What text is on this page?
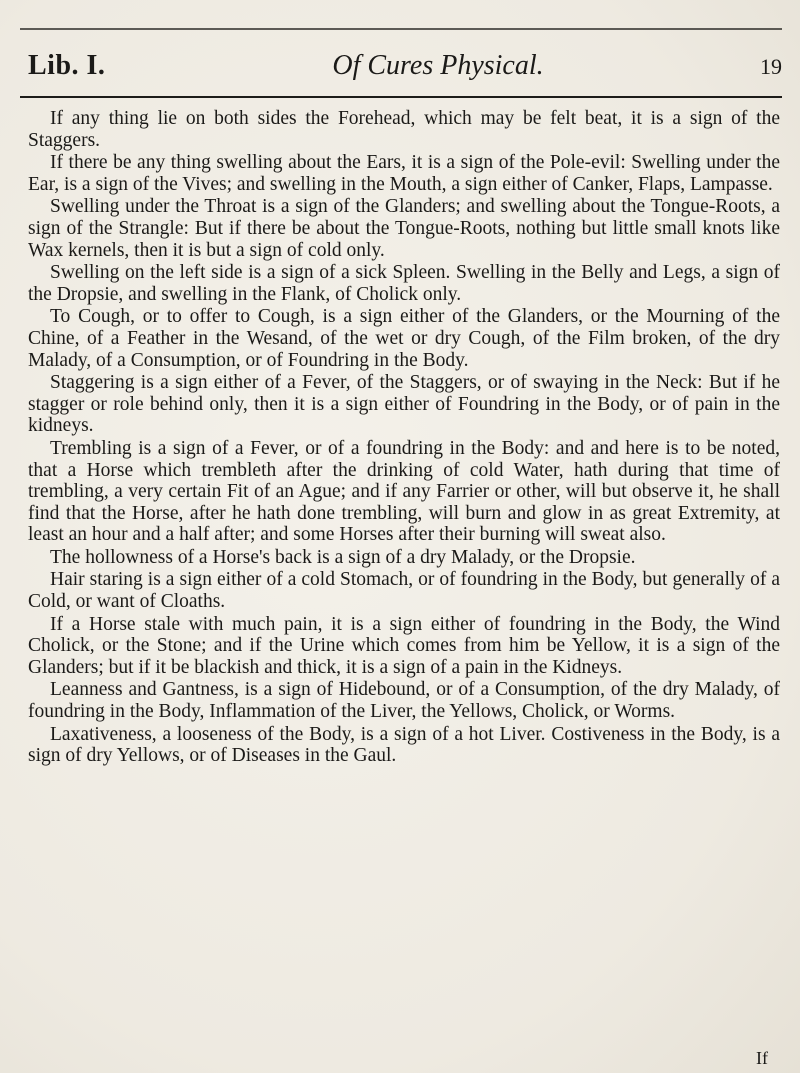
Lib. I.	Of Cures Physical.	19

If any thing lie on both sides the Forehead, which may be felt beat, it is a sign of the Staggers.

If there be any thing swelling about the Ears, it is a sign of the Pole-evil: Swelling under the Ear, is a sign of the Vives; and swelling in the Mouth, a sign either of Canker, Flaps, Lampasse.

Swelling under the Throat is a sign of the Glanders; and swelling about the Tongue-Roots, a sign of the Strangle: But if there be about the Tongue-Roots, nothing but little small knots like Wax kernels, then it is but a sign of cold only.

Swelling on the left side is a sign of a sick Spleen. Swelling in the Belly and Legs, a sign of the Dropsie, and swelling in the Flank, of Cholick only.

To Cough, or to offer to Cough, is a sign either of the Glanders, or the Mourning of the Chine, of a Feather in the Wesand, of the wet or dry Cough, of the Film broken, of the dry Malady, of a Consumption, or of Foundring in the Body.

Staggering is a sign either of a Fever, of the Staggers, or of swaying in the Neck: But if he stagger or role behind only, then it is a sign either of Foundring in the Body, or of pain in the kidneys.

Trembling is a sign of a Fever, or of a foundring in the Body: and and here is to be noted, that a Horse which trembleth after the drinking of cold Water, hath during that time of trembling, a very certain Fit of an Ague; and if any Farrier or other, will but observe it, he shall find that the Horse, after he hath done trembling, will burn and glow in as great Extremity, at least an hour and a half after; and some Horses after their burning will sweat also.

The hollowness of a Horse's back is a sign of a dry Malady, or the Dropsie.

Hair staring is a sign either of a cold Stomach, or of foundring in the Body, but generally of a Cold, or want of Cloaths.

If a Horse stale with much pain, it is a sign either of foundring in the Body, the Wind Cholick, or the Stone; and if the Urine which comes from him be Yellow, it is a sign of the Glanders; but if it be blackish and thick, it is a sign of a pain in the Kidneys.

Leanness and Gantness, is a sign of Hidebound, or of a Consumption, of the dry Malady, of foundring in the Body, Inflammation of the Liver, the Yellows, Cholick, or Worms.

Laxativeness, a looseness of the Body, is a sign of a hot Liver. Costiveness in the Body, is a sign of dry Yellows, or of Diseases in the Gaul.

If
